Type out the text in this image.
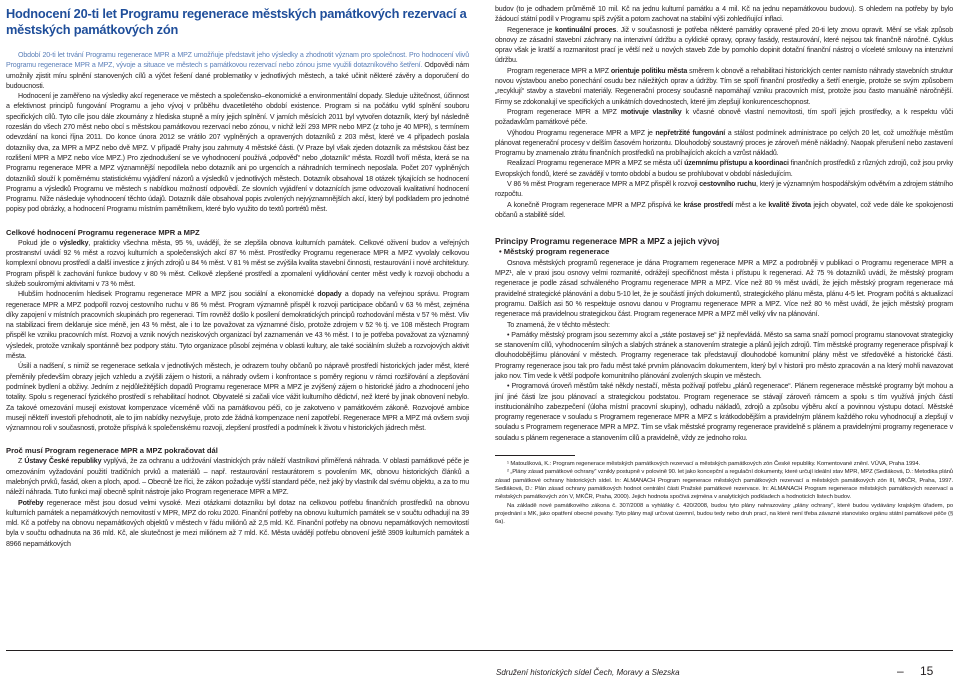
Hodnocení 20-ti let Programu regenerace městských památkových rezervací a městských památkových zón

Období 20-ti let trvání Programu regenerace MPR a MPZ umožňuje představit jeho výsledky a zhodnotit význam pro společnost. Pro hodnocení vlivů Programu regenerace MPR a MPZ, vývoje a situace ve městech s památkovou rezervací nebo zónou jsme využili dotazníkového šetření. Odpovědi nám umožnily zjistit míru splnění stanovených cílů a výčet řešení dané problematiky v jednotlivých městech, a také učinit některé závěry a doporučení do budoucnosti.

Hodnocení je zaměřeno na výsledky akcí regenerace ve městech a společensko–ekonomické a environmentální dopady. Sleduje užitečnost, účinnost a efektivnost principů fungování Programu a jeho vývoj v průběhu dvacetiletého období existence. Program si na počátku vytkl splnění souboru specifických cílů. Tyto cíle jsou dále zkoumány z hlediska stupně a míry jejich splnění. V jarních měsících 2011 byl vytvořen dotazník, který byl následně rozeslán do všech 270 měst nebo obcí s městskou památkovou rezervací nebo zónou, v nichž leží 293 MPR nebo MPZ (z toho je 40 MPR), s termínem odevzdání na konci října 2011. Do konce února 2012 se vrátilo 207 vyplněných a opravených dotazníků z 203 měst, které ve 4 případech poslala dotazníky dva, za MPR a MPZ nebo dvě MPZ. V případě Prahy jsou zahrnuty 4 městské části. (V Praze byl však zjeden dotazník za městskou část bez rozlišení MPR a MPZ nebo více MPZ.) Pro zjednodušení se ve vyhodnocení používá „odpověď“ nebo „dotazník“ města. Rozdíl tvoří města, která se na Programu regenerace MPR a MPZ významnější nepodílela nebo dotazník ani po urgencích a náhradních termínech neposlala. Počet 207 vyplněných dotazníků slouží k poměrnému statistickému vyjádření názorů a výsledků v jednotlivých městech. Dotazník obsahoval 18 otázek týkajících se hodnocení Programu a výsledků Programu ve městech s nabídkou možností odpovědí. Ze slovních vyjádření v dotaznících jsme odvozovali kvalitativní hodnocení Programu. Níže následuje vyhodnocení těchto údajů. Dotazník dále obsahoval popis zvolených nejvýznamnějších akcí, který byl podkladem pro jednotné popisy pod obrázky, a hodnocení Programu místním pamětníkem, které bylo využito do textů portrétů měst.

Celkové hodnocení Programu regenerace MPR a MPZ

Pokud jde o výsledky, prakticky všechna města, 95 %, uvádějí, že se zlepšila obnova kulturních památek. Celkové oživení budov a veřejných prostranství uvádí 92 % měst a rozvoj kulturních a společenských akcí 87 % měst. Prostředky Programu regenerace MPR a MPZ vyvolaly celkovou komplexní obnovu prostředí a další investice z jiných zdrojů u 84 % měst. V 81 % měst se zvýšila kvalita stavební činnosti, restaurování i nové architektury. Program přispěl k zachování funkce budovy v 80 % měst. Celkově zlepšené prostředí a zpomalení vylidňování center měst vedly k rozvoji obchodu a služeb soukromými aktivitami v 73 % měst.

Hlubším hodnocením hledisek Programu regenerace MPR a MPZ jsou sociální a ekonomické dopady a dopady na veřejnou správu. Program regenerace MPR a MPZ podpořil rozvoj cestovního ruchu v 86 % měst. Program významně přispěl k rozvoji participace občanů v 63 % měst, zejména díky zapojení v místních pracovních skupinách pro regeneraci. Tím rovněž došlo k posílení demokratických principů rozhodování města v 57 % měst. Vliv na stabilizaci firem deklaruje sice méně, jen 43 % měst, ale i to lze považovat za významné číslo, protože zdrojem v 52 % tj. ve 108 městech Program přispěl ke vzniku pracovních míst. Rozvoj a vznik nových neziskových organizací byl zaznamenán ve 43 % měst. I to je potřeba považovat za významný výsledek, protože vznikaly spontánně bez podpory státu. Tyto organizace působí zejména v oblasti kultury, ale také sociálním služeb a rozvojových aktivit města.

Úsilí a nadšení, s nimiž se regenerace setkala v jednotlivých městech, je odrazem touhy občanů po nápravě prostředí historických jader měst, které přeměnily především obrazy jejich vzhledu a zvýšili zájem o historii, a náhrady ovšem i konfrontace s poměry regionu v rámci rozšiřování a zlepšování podmínek bydlení a obživy. Jedním z nejdůležitějších dopadů Programu regenerace MPR a MPZ je zvýšený zájem o historické jádro a zhodnocení jeho totality. Spolu s regenerací fyzického prostředí s rehabilitací hodnot. Obyvatelé si začali více vážit kulturního dědictví, než které by jinak obnovení nebylo. Za takové omezování musejí existovat kompenzace víceméně vůči na památkovou péči, co je zakotveno v památkovém zákoně. Rozvojové ambice musejí někteří investoři přehodnotit, ale to jim nabídky nezvyšuje, proto zde žádná kompenzace není zapotřebí. Regenerace MPR a MPZ má ovšem svoji významnou roli v současnosti, protože přispívá k společenskému rozvoji, zlepšení prostředí a podmínek k životu v historických jádrech měst.

Proč musí Program regenerace MPR a MPZ pokračovat dál

Z Ústavy České republiky vyplývá, že za ochranu a udržování vlastnických práv náleží vlastníkovi přiměřená náhrada. V oblasti památkové péče je omezováním vyžadování použití tradičních prvků a materiálů – např. restaurování restaurátorem s povolením MK, obnovu historických článků a malebných prvků, fasád, oken a ploch, apod. – Obecně lze říci, že zákon požaduje vyšší standard péče, než jaký by vlastník dal svému objektu, a za to mu náleží náhrada. Tuto funkci mají obecně splnit nástroje jako Program regenerace MPR a MPZ.

Potřeby regenerace měst jsou dosud velmi vysoké. Mezi otázkami dotazníku byl dotaz na celkovou potřebu finančních prostředků na obnovu kulturních památek a nepamátkových nemovitostí v MPR, MPZ do roku 2020. Finanční potřeby na obnovu kulturních památek se v součtu odhadují na 39 mld. Kč a potřeby na obnovu nepamátkových objektů v městech v řádu miliónů až 2,5 mld. Kč. Finanční potřeby na obnovu nepamátkových nemovitostí byla v součtu odhadnuta na 36 mld. Kč, ale skutečnost je mezi miliónem až 7 mld. Kč. Města uvádějí potřebu obnovení ještě 3909 kulturních památek a 8966 nepamátkových

budov (to je odhadem průměrně 10 mil. Kč na jednu kulturní památku a 4 mil. Kč na jednu nepamátkovou budovu). S ohledem na potřeby by bylo žádoucí státní podíl v Programu spíš zvýšit a potom zachovat na stabilní výši zohledňující inflaci.

Regenerace je kontinuální proces. Již v současnosti je potřeba některé památky opravené před 20-ti lety znovu opravit. Mění se však způsob obnovy ze zásadní stavební záchrany na intenzivní údržbu a cyklické opravy, opravy fasády, restaurování, které nejsou tak finančně náročné. Cyklus oprav však je kratší a rozmanitost prací je větší než u nových staveb Zde by pomohlo dopinit dotační finanční nástroj o víceleté smlouvy na intenzivní údržbu.

Program regenerace MPR a MPZ orientuje politiku města směrem k obnově a rehabilitaci historických center namísto náhrady stavebních struktur novou výstavbou anebo ponechání osudu bez náležitých oprav a údržby. Tím se spoří finanční prostředky a šetří energie, protože se svým způsobem „recyklují“ stavby a stavební materiály. Regenerační procesy současně napomáhají vzniku pracovních míst, protože jsou často manuálně náročnější. Firmy se zdokonalují ve specifických a unikátních dovednostech, které jim zlepšují konkurenceschopnost.

Program regenerace MPR a MPZ motivuje vlastníky k včasné obnově vlastní nemovitosti, tím spoří jejich prostředky, a k respektu vůči požadavkům památkové péče.

Výhodou Programu regenerace MPR a MPZ je nepřetržité fungování a stálost podmínek administrace po celých 20 let, což umožňuje městům plánovat regenerační procesy v delším časovém horizontu. Dlouhodobý soustavný proces je zároveň méně nákladný. Naopak přerušení nebo zastavení Programu by znamenalo ztrátu finančních prostředků na probíhajících akcích a vzrůst nákladů.

Realizací Programu regenerace MPR a MPZ se města učí územnímu přístupu a koordinaci finančních prostředků z různých zdrojů, což jsou prvky Evropských fondů, které se zavádějí v tomto období a budou se prohlubovat v období následujícím.

V 86 % měst Program regenerace MPR a MPZ přispěl k rozvoji cestovního ruchu, který je významným hospodářským odvětvím a zdrojem státního rozpočtu.

A konečně Program regenerace MPR a MPZ přispívá ke kráse prostředí měst a ke kvalitě života jejich obyvatel, což vede dále ke spokojenosti občanů a stabilitě sídel.

Principy Programu regenerace MPR a MPZ a jejich vývoj
• Městský program regenerace

Osnova městských programů regenerace je dána Programem regenerace MPR a MPZ a podrobněji v publikaci o Programu regenerace MPR a MPZ¹, ale v praxi jsou osnovy velmi rozmanité, odrážejí specifičnost města i přístupu k regeneraci. Až 75 % dotazníků uvádí, že městský program regenerace je podle zásad schváleného Programu regenerace MPR a MPZ. Více než 80 % měst uvádí, že jejich městský program regenerace má pravidelné strategické plánování a dobu 5-10 let, že je součástí jiných dokumentů, strategického plánu města, plánu 4-5 let. Program počítá s aktualizací programu. Dalších asi 50 % respektuje osnovu danou v Programu regenerace MPR a MPZ. Více než 80 % měst uvádí, že jejich městský program regenerace má pravidelnou strategickou část. Program regenerace MPR a MPZ měl velký vliv na plánování.

To znamená, že v těchto městech:

• Památky městský program jsou sezemmy akcí a „státe postaveji se“ již nepřevládá. Město sa sama snaží pomocí programu stanovovat strategicky se stanovením cílů, vyhodnocením silných a slabých stránek a stanovením strategie a plánů jejích zdrojů. Tím městské programy regenerace přispívají k dlouhodobějšímu plánování v městech. Programy regenerace tak představují dlouhodobé komunitní plány měst ve středověké a historické části. Programy regenerace jsou tak pro řadu měst také prvním plánovacím dokumentem, který byl v historii pro město zpracován a na který mohli navazovat jako nov. Tím vede k větší podpoře komunitního plánování zvolených skupin ve městech.

• Programová úroveň městům také někdy nestačí, města požívají potřebu „plánů regenerace“. Plánem regenerace městské programy být mohou a jiní jiné části lze jsou plánovací a strategickou podstatou. Program regenerace se stávají zároveň rámcem a spolu s tím využívá jiných částí institucionálního zabezpečení (úloha místní pracovní skupiny), odhadu nákladů, zdrojů a způsobu výběru akcí a povinnou výstupu dotací. Městské programy regenerace v souladu s Programem regenerace MPR a MPZ s krátkodobějším a pravidelným plánem každého roku vyhodnocují a zlepšují v souladu s Programem regenerace MPR a MPZ. Tím se však městské programy regenerace pravidelně s plánem a pravidelnými programy regenerace v souladu s plánem regenerace a stanovením cílů a pravidelně, vždy ze jednoho roku.

¹ Matoušková, K.: Program regenerace městských památkových rezervací a městských památkových zón České republiky. Komentované znění. VÚVA, Praha 1994.

² „Plány zásad památkové ochrany“ vznikly postupně v polovině 90. let jako koncepční a regulační dokumenty, které určují ideální stav MPR, MPZ (Sedláková, D.: Metodika plánů zásad památkové ochrany historických sídel. In: ALMANACH Program regenerace městských památkových rezervací a městských památkových zón III, MKČR, Praha, 1997. Sedláková, D.: Plán zásad ochrany památkových hodnot centrální části Pražské památkové rezervace. In: ALMANACH Program regenerace městských památkových rezervací a městských památkových zón V, MKČR, Praha, 2000). Jejich hodnota spočívá zejména v analytických podkladech a hodnoticích listech budov.

Na základě nové památkového zákona č. 307/2008 a vyhlášky č. 420/2008, budou tyto plány nahrazovány „plány ochrany“, které budou vydávány krajským úřadem, po projednání s MK, jako opatření obecné povahy. Tyto plány mají určovat územní, budou tedy nebo druh prací, na které není třeba závazné stanovisko orgánu státní památkové péče (§ 6a).

Sdružení historických sídel Čech, Moravy a Slezska	– 15
